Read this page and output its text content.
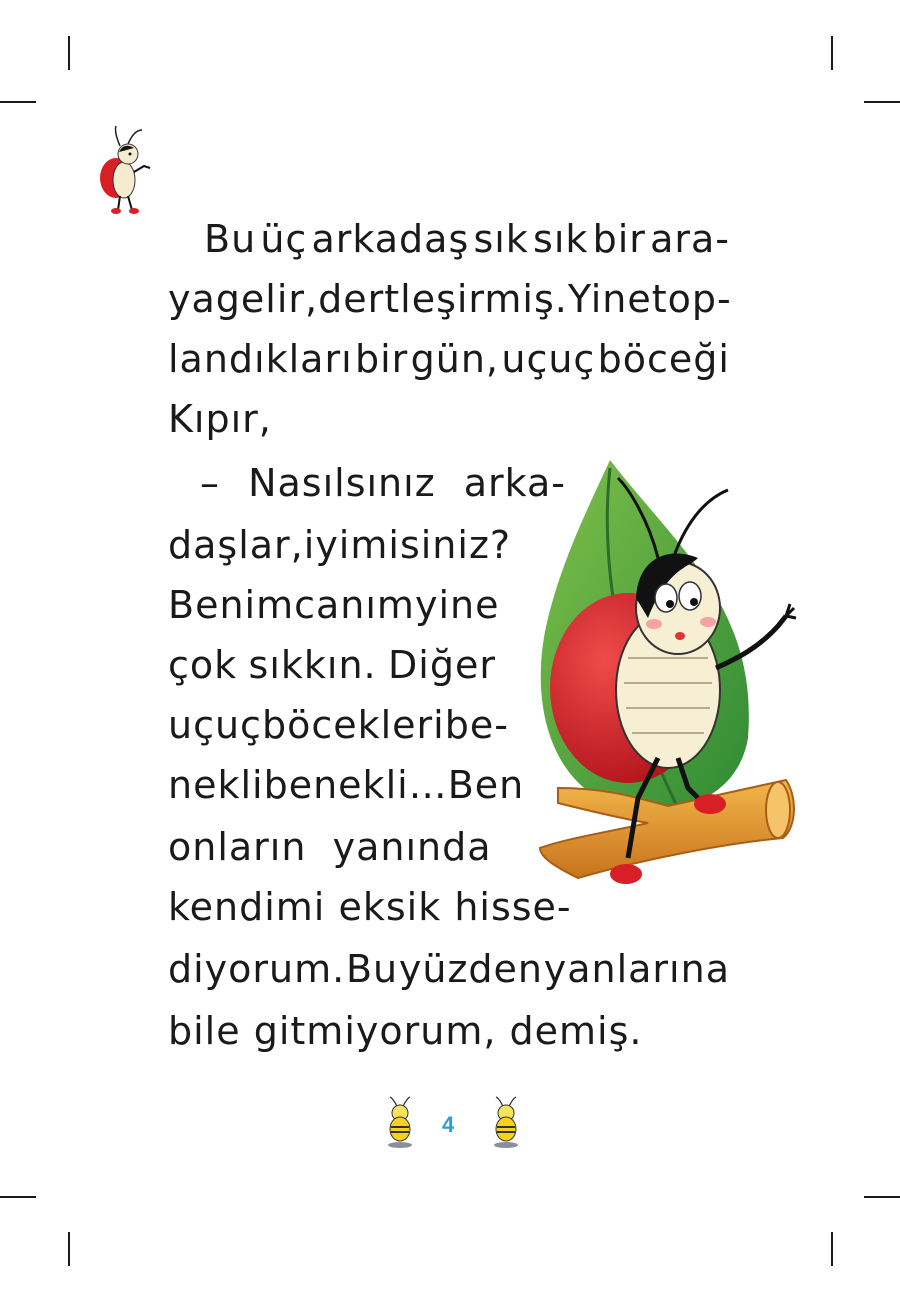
Bu üç arkadaş sık sık bir ara-
ya gelir, dertleşirmiş. Yine top-
landıkları bir gün, uçuç böceği
Kıpır,
– Nasılsınız arka-
daşlar, iyi misiniz?
Benim canım yine
çok sıkkın. Diğer
uçuç böcekleri be-
nekli benekli… Ben
onların yanında
kendimi eksik hisse-
diyorum. Bu yüzden yanlarına
bile gitmiyorum, demiş.
4
